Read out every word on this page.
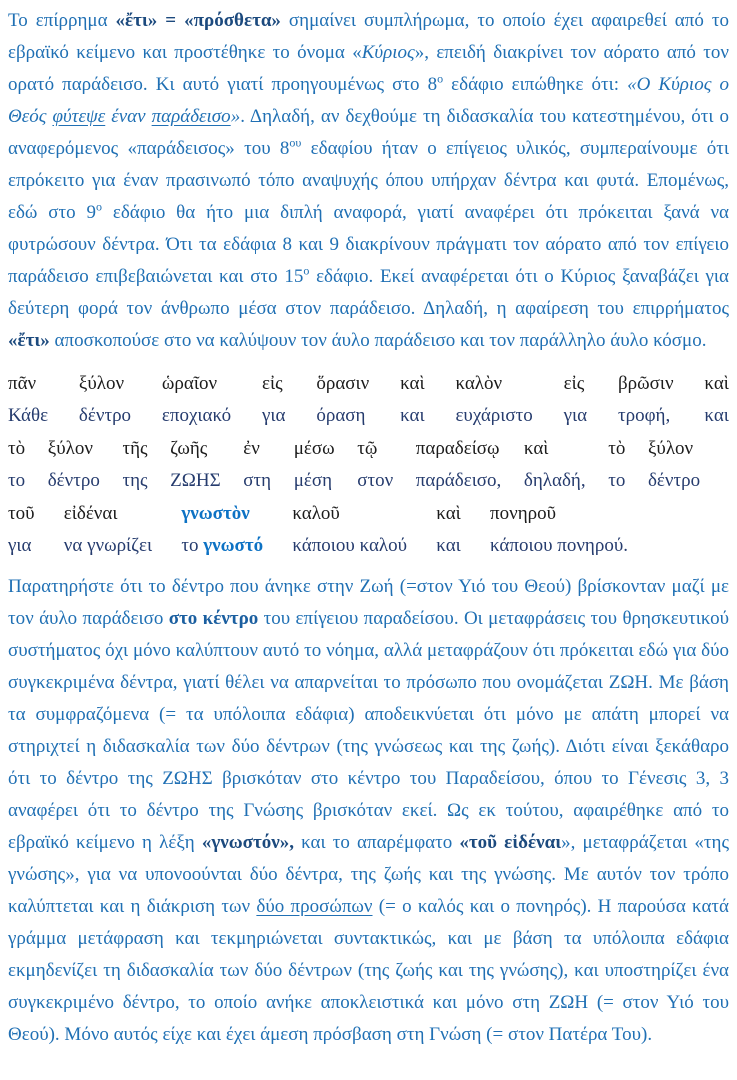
Το επίρρημα «ἔτι» = «πρόσθετα» σημαίνει συμπλήρωμα, το οποίο έχει αφαιρεθεί από το εβραϊκό κείμενο και προστέθηκε το όνομα «Κύριος», επειδή διακρίνει τον αόρατο από τον ορατό παράδεισο. Κι αυτό γιατί προηγουμένως στο $8^o$ εδάφιο ειπώθηκε ότι: «Ο Κύριος ο Θεός φύτεψε έναν παράδεισο». Δηλαδή, αν δεχθούμε τη διδασκαλία του κατεστημένου, ότι ο αναφερόμενος «παράδεισος» του $8^{o\upsilon}$ εδαφίου ήταν ο επίγειος υλικός, συμπεραίνουμε ότι επρόκειτο για έναν πρασινωπό τόπο αναψυχής όπου υπήρχαν δέντρα και φυτά. Επομένως, εδώ στο $9^o$ εδάφιο θα ήτο μια διπλή αναφορά, γιατί αναφέρει ότι πρόκειται ξανά να φυτρώσουν δέντρα. Ότι τα εδάφια 8 και 9 διακρίνουν πράγματι τον αόρατο από τον επίγειο παράδεισο επιβεβαιώνεται και στο $15^o$ εδάφιο. Εκεί αναφέρεται ότι ο Κύριος ξαναβάζει για δεύτερη φορά τον άνθρωπο μέσα στον παράδεισο. Δηλαδή, η αφαίρεση του επιρρήματος «ἔτι» αποσκοπούσε στο να καλύψουν τον άυλο παράδεισο και τον παράλληλο άυλο κόσμο.

πᾶν
Κάθε
ξύλον
δέντρο
ὡραῖον
εποχιακό
εἰς
για
ὅρασιν
όραση
καὶ
και
καλὸν
ευχάριστο
εἰς
για
βρῶσιν
τροφή,
καὶ
και
τὸ
το
ξύλον
δέντρο
τῆς
της
ζωῆς
ΖΩΗΣ
ἐν
στη
μέσω
μέση
τῷ
στον
παραδείσῳ
παράδεισο,
καὶ
δηλαδή,
τὸ
το
ξύλον
δέντρο
τοῦ
για
εἰδέναι
να γνωρίζει
γνωστὸν
το γνωστό
καλοῦ
κάποιου καλού
καὶ
και
πονηροῦ
κάποιου πονηρού.

Παρατηρήστε ότι το δέντρο που άνηκε στην Ζωή (=στον Υιό του Θεού) βρίσκονταν μαζί με τον άυλο παράδεισο στο κέντρο του επίγειου παραδείσου. Οι μεταφράσεις του θρησκευτικού συστήματος όχι μόνο καλύπτουν αυτό το νόημα, αλλά μεταφράζουν ότι πρόκειται εδώ για δύο συγκεκριμένα δέντρα, γιατί θέλει να απαρνείται το πρόσωπο που ονομάζεται ΖΩΗ. Με βάση τα συμφραζόμενα (= τα υπόλοιπα εδάφια) αποδεικνύεται ότι μόνο με απάτη μπορεί να στηριχτεί η διδασκαλία των δύο δέντρων (της γνώσεως και της ζωής). Διότι είναι ξεκάθαρο ότι το δέντρο της ΖΩΗΣ βρισκόταν στο κέντρο του Παραδείσου, όπου το Γένεσις 3, 3 αναφέρει ότι το δέντρο της Γνώσης βρισκόταν εκεί. Ως εκ τούτου, αφαιρέθηκε από το εβραϊκό κείμενο η λέξη «γνωστόν», και το απαρέμφατο «τοῦ εἰδέναι», μεταφράζεται «της γνώσης», για να υπονοούνται δύο δέντρα, της ζωής και της γνώσης. Με αυτόν τον τρόπο καλύπτεται και η διάκριση των δύο προσώπων (= ο καλός και ο πονηρός). Η παρούσα κατά γράμμα μετάφραση και τεκμηριώνεται συντακτικώς, και με βάση τα υπόλοιπα εδάφια εκμηδενίζει τη διδασκαλία των δύο δέντρων (της ζωής και της γνώσης), και υποστηρίζει ένα συγκεκριμένο δέντρο, το οποίο ανήκε αποκλειστικά και μόνο στη ΖΩΗ (= στον Υιό του Θεού). Μόνο αυτός είχε και έχει άμεση πρόσβαση στη Γνώση (= στον Πατέρα Του).
